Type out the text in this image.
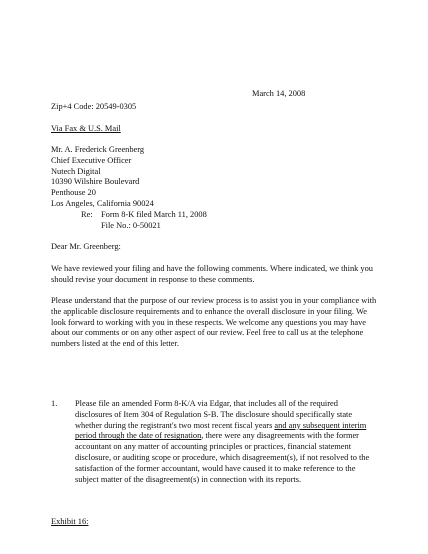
March 14, 2008
Zip+4 Code: 20549-0305
Via Fax & U.S. Mail
Mr. A. Frederick Greenberg
Chief Executive Officer
Nutech Digital
10390 Wilshire Boulevard
Penthouse 20
Los Angeles, California 90024
Re: Form 8-K filed March 11, 2008
File No.: 0-50021
Dear Mr. Greenberg:
We have reviewed your filing and have the following comments. Where indicated, we think you
should revise your document in response to these comments.
Please understand that the purpose of our review process is to assist you in your compliance with
the applicable disclosure requirements and to enhance the overall disclosure in your filing. We
look forward to working with you in these respects. We welcome any questions you may have
about our comments or on any other aspect of our review. Feel free to call us at the telephone
numbers listed at the end of this letter.
1.	Please file an amended Form 8-K/A via Edgar, that includes all of the required
disclosures of Item 304 of Regulation S-B. The disclosure should specifically state
whether during the registrant's two most recent fiscal years and any subsequent interim
period through the date of resignation, there were any disagreements with the former
accountant on any matter of accounting principles or practices, financial statement
disclosure, or auditing scope or procedure, which disagreement(s), if not resolved to the
satisfaction of the former accountant, would have caused it to make reference to the
subject matter of the disagreement(s) in connection with its reports.
Exhibit 16:
